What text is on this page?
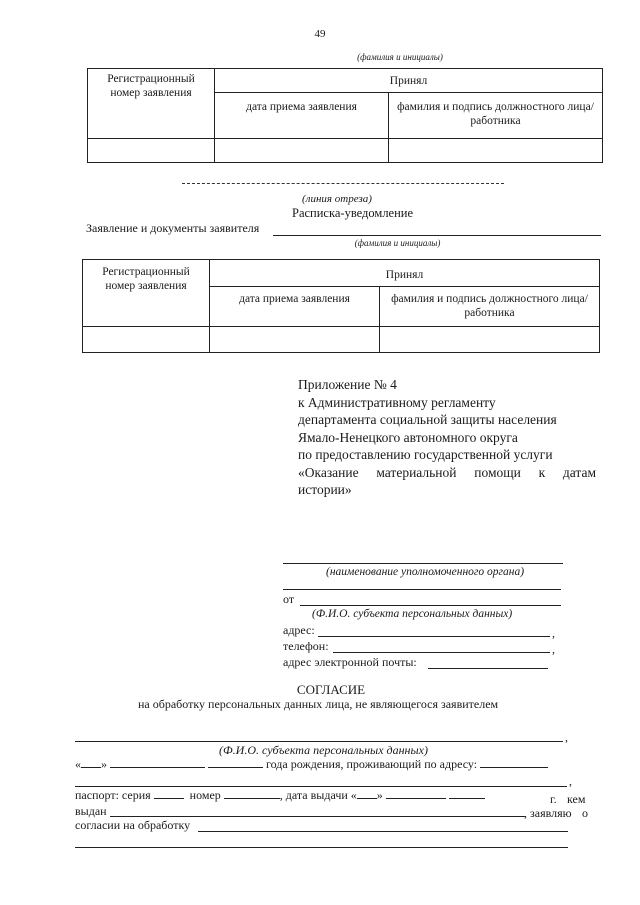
49
(фамилия и инициалы)
Регистрационный номер заявления	Принял	
	дата приема заявления	фамилия и подпись должностного лица/работника

(линия отреза)
Расписка-уведомление
Заявление и документы заявителя
(фамилия и инициалы)
Регистрационный номер заявления	Принял	
	дата приема заявления	фамилия и подпись должностного лица/работника

Приложение № 4
к Административному регламенту
департамента социальной защиты населения
Ямало-Ненецкого автономного округа
по предоставлению государственной услуги
«Оказание материальной помощи к датам
истории»
(наименование уполномоченного органа)
от
(Ф.И.О. субъекта персональных данных)
адрес:	,
телефон:	,
адрес электронной почты:
СОГЛАСИЕ
на обработку персональных данных лица, не являющегося заявителем
,
(Ф.И.О. субъекта персональных данных)
« »	года рождения, проживающий по адресу:
,
паспорт: серия	номер	, дата выдачи « »	г. кем
выдан	, заявляю о
согласии на обработку
